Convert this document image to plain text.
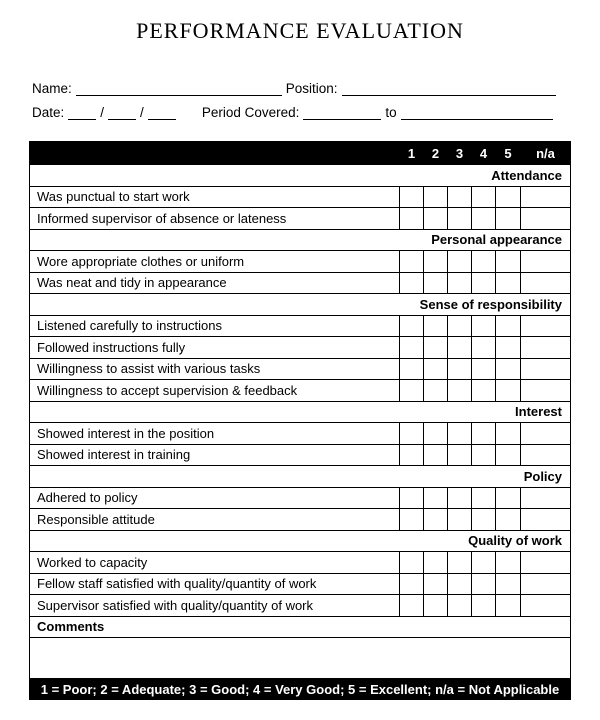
PERFORMANCE EVALUATION
Name:	Position:
Date:	/	/	Period Covered:	to
	1	2	3	4	5	n/a
Attendance						
Was punctual to start work						
Informed supervisor of absence or lateness						
Personal appearance						
Wore appropriate clothes or uniform						
Was neat and tidy in appearance						
Sense of responsibility						
Listened carefully to instructions						
Followed instructions fully						
Willingness to assist with various tasks						
Willingness to accept supervision & feedback						
Interest						
Showed interest in the position						
Showed interest in training						
Policy						
Adhered to policy						
Responsible attitude						
Quality of work						
Worked to capacity						
Fellow staff satisfied with quality/quantity of work						
Supervisor satisfied with quality/quantity of work						
Comments						

1 = Poor; 2 = Adequate; 3 = Good; 4 = Very Good; 5 = Excellent; n/a = Not Applicable						
